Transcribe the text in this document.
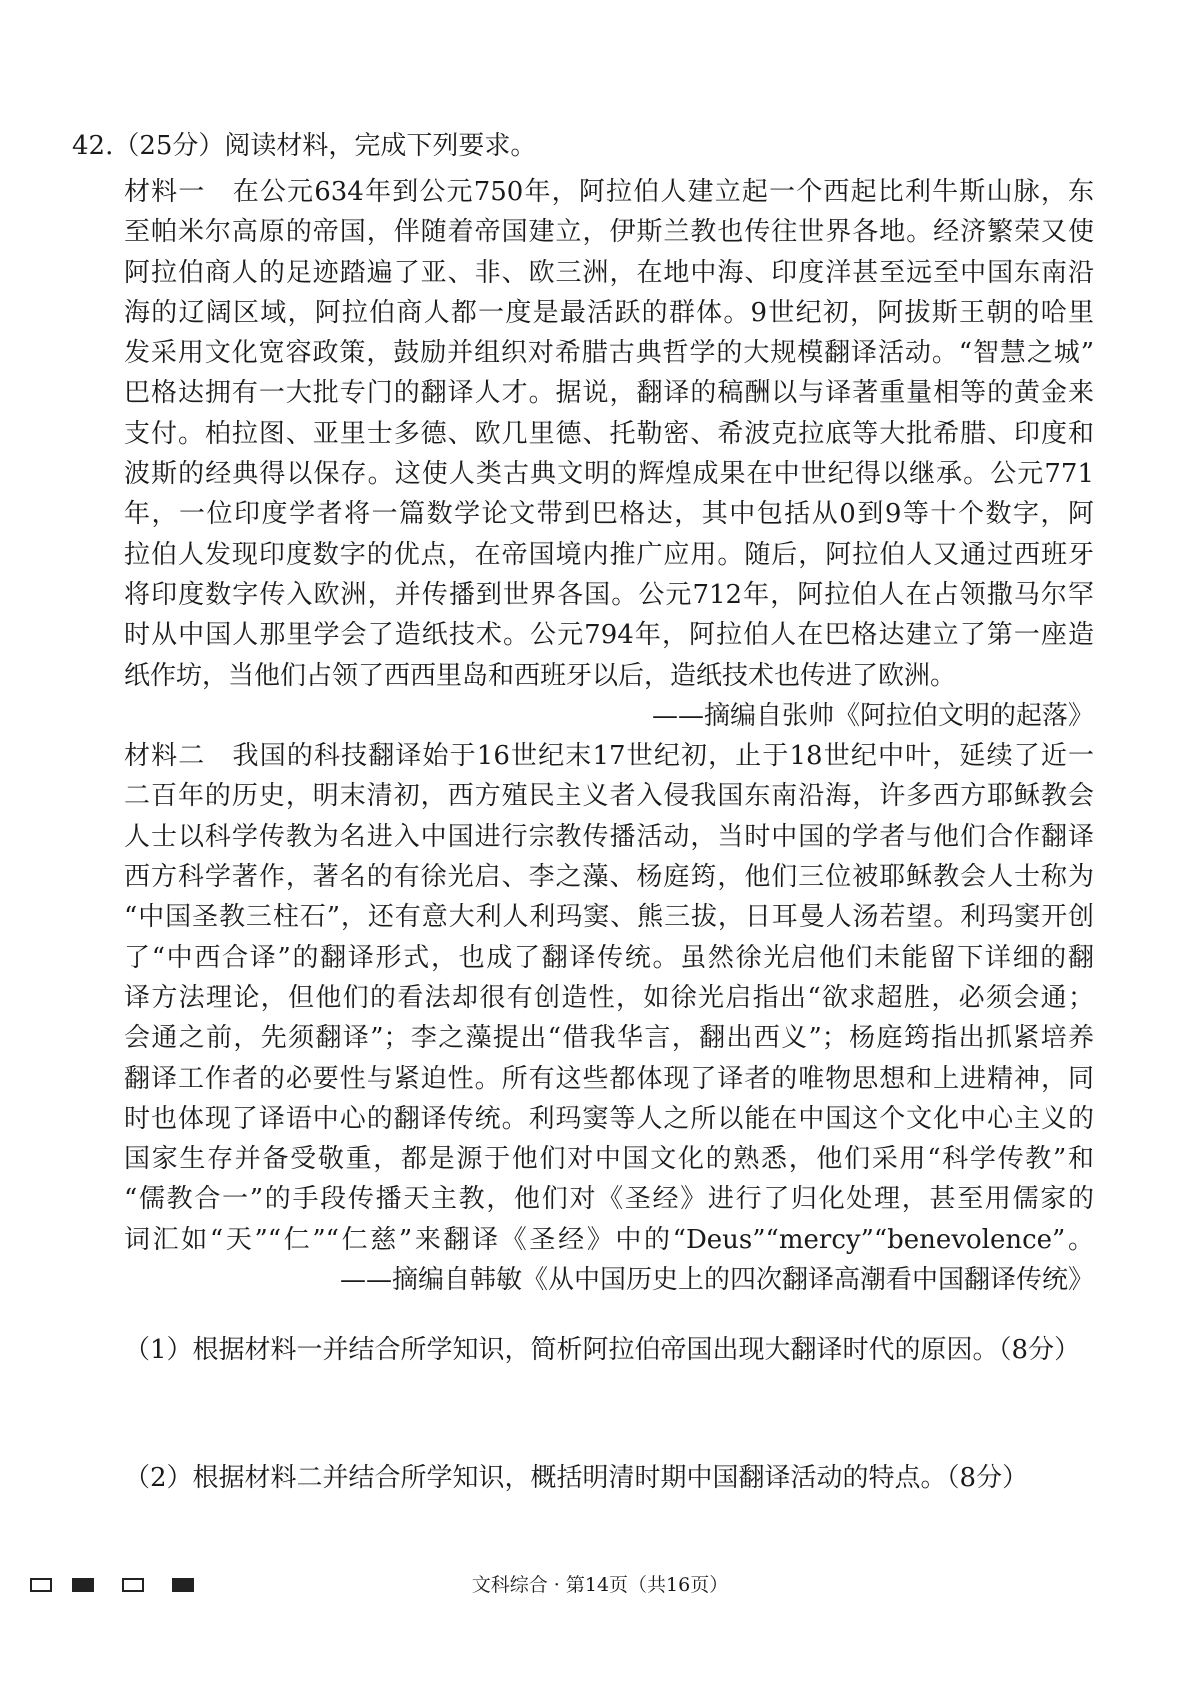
42.（25分）阅读材料，完成下列要求。
材料一　在公元634年到公元750年，阿拉伯人建立起一个西起比利牛斯山脉，东
至帕米尔高原的帝国，伴随着帝国建立，伊斯兰教也传往世界各地。经济繁荣又使
阿拉伯商人的足迹踏遍了亚、非、欧三洲，在地中海、印度洋甚至远至中国东南沿
海的辽阔区域，阿拉伯商人都一度是最活跃的群体。9世纪初，阿拔斯王朝的哈里
发采用文化宽容政策，鼓励并组织对希腊古典哲学的大规模翻译活动。“智慧之城”
巴格达拥有一大批专门的翻译人才。据说，翻译的稿酬以与译著重量相等的黄金来
支付。柏拉图、亚里士多德、欧几里德、托勒密、希波克拉底等大批希腊、印度和
波斯的经典得以保存。这使人类古典文明的辉煌成果在中世纪得以继承。公元771
年，一位印度学者将一篇数学论文带到巴格达，其中包括从0到9等十个数字，阿
拉伯人发现印度数字的优点，在帝国境内推广应用。随后，阿拉伯人又通过西班牙
将印度数字传入欧洲，并传播到世界各国。公元712年，阿拉伯人在占领撒马尔罕
时从中国人那里学会了造纸技术。公元794年，阿拉伯人在巴格达建立了第一座造
纸作坊，当他们占领了西西里岛和西班牙以后，造纸技术也传进了欧洲。
——摘编自张帅《阿拉伯文明的起落》
材料二　我国的科技翻译始于16世纪末17世纪初，止于18世纪中叶，延续了近一
二百年的历史，明末清初，西方殖民主义者入侵我国东南沿海，许多西方耶稣教会
人士以科学传教为名进入中国进行宗教传播活动，当时中国的学者与他们合作翻译
西方科学著作，著名的有徐光启、李之藻、杨庭筠，他们三位被耶稣教会人士称为
“中国圣教三柱石”，还有意大利人利玛窦、熊三拔，日耳曼人汤若望。利玛窦开创
了“中西合译”的翻译形式，也成了翻译传统。虽然徐光启他们未能留下详细的翻
译方法理论，但他们的看法却很有创造性，如徐光启指出“欲求超胜，必须会通；
会通之前，先须翻译”；李之藻提出“借我华言，翻出西义”；杨庭筠指出抓紧培养
翻译工作者的必要性与紧迫性。所有这些都体现了译者的唯物思想和上进精神，同
时也体现了译语中心的翻译传统。利玛窦等人之所以能在中国这个文化中心主义的
国家生存并备受敬重，都是源于他们对中国文化的熟悉，他们采用“科学传教”和
“儒教合一”的手段传播天主教，他们对《圣经》进行了归化处理，甚至用儒家的
词汇如“天”“仁”“仁慈”来翻译《圣经》中的“Deus”“mercy”“benevolence”。
——摘编自韩敏《从中国历史上的四次翻译高潮看中国翻译传统》
（1）根据材料一并结合所学知识，简析阿拉伯帝国出现大翻译时代的原因。（8分）
（2）根据材料二并结合所学知识，概括明清时期中国翻译活动的特点。（8分）
文科综合 · 第14页（共16页）
